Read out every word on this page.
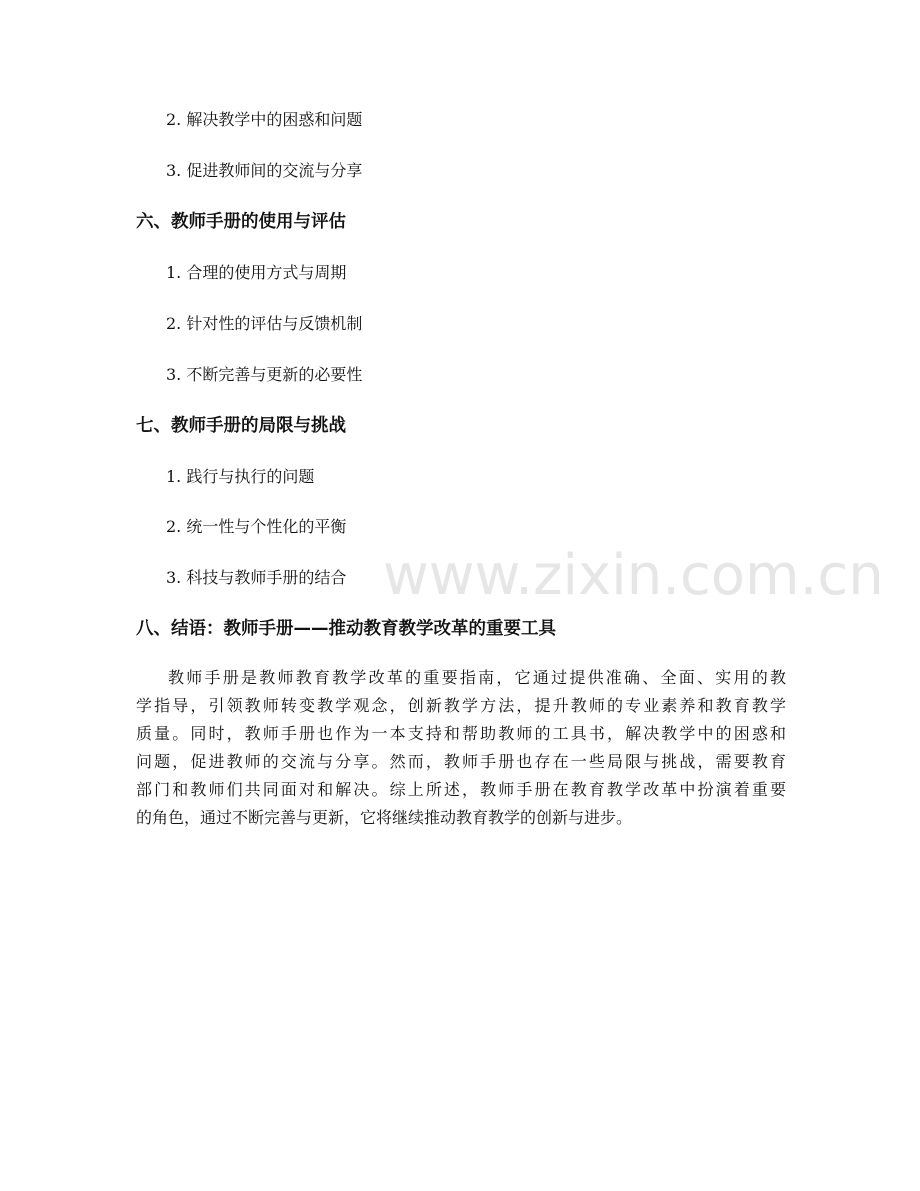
www.zixin.com.cn
2. 解决教学中的困惑和问题
3. 促进教师间的交流与分享
六、教师手册的使用与评估
1. 合理的使用方式与周期
2. 针对性的评估与反馈机制
3. 不断完善与更新的必要性
七、教师手册的局限与挑战
1. 践行与执行的问题
2. 统一性与个性化的平衡
3. 科技与教师手册的结合
八、结语：教师手册——推动教育教学改革的重要工具
教师手册是教师教育教学改革的重要指南，它通过提供准确、全面、实用的教
学指导，引领教师转变教学观念，创新教学方法，提升教师的专业素养和教育教学
质量。同时，教师手册也作为一本支持和帮助教师的工具书，解决教学中的困惑和
问题，促进教师的交流与分享。然而，教师手册也存在一些局限与挑战，需要教育
部门和教师们共同面对和解决。综上所述，教师手册在教育教学改革中扮演着重要
的角色，通过不断完善与更新，它将继续推动教育教学的创新与进步。
